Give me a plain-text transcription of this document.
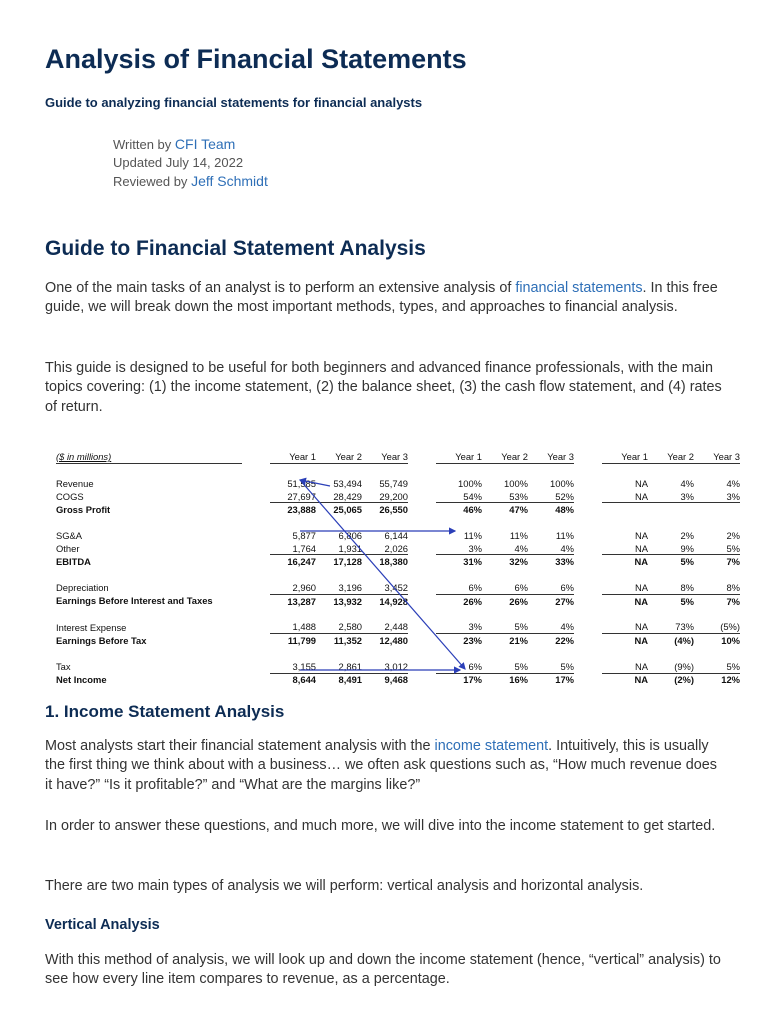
Analysis of Financial Statements
Guide to analyzing financial statements for financial analysts
Written by CFI Team
Updated July 14, 2022
Reviewed by Jeff Schmidt
Guide to Financial Statement Analysis
One of the main tasks of an analyst is to perform an extensive analysis of financial statements. In this free guide, we will break down the most important methods, types, and approaches to financial analysis.
This guide is designed to be useful for both beginners and advanced finance professionals, with the main topics covering: (1) the income statement, (2) the balance sheet, (3) the cash flow statement, and (4) rates of return.
($ in millions)		Year 1	Year 2	Year 3		Year 1	Year 2	Year 3		Year 1	Year 2	Year 3

Revenue		51,585	53,494	55,749		100%	100%	100%		NA	4%	4%
COGS		27,697	28,429	29,200		54%	53%	52%		NA	3%	3%
Gross Profit		23,888	25,065	26,550		46%	47%	48%				

SG&A		5,877	6,806	6,144		11%	11%	11%		NA	2%	2%
Other		1,764	1,931	2,026		3%	4%	4%		NA	9%	5%
EBITDA		16,247	17,128	18,380		31%	32%	33%		NA	5%	7%

Depreciation		2,960	3,196	3,452		6%	6%	6%		NA	8%	8%
Earnings Before Interest and Taxes		13,287	13,932	14,928		26%	26%	27%		NA	5%	7%

Interest Expense		1,488	2,580	2,448		3%	5%	4%		NA	73%	(5%)
Earnings Before Tax		11,799	11,352	12,480		23%	21%	22%		NA	(4%)	10%

Tax		3,155	2,861	3,012		6%	5%	5%		NA	(9%)	5%
Net Income		8,644	8,491	9,468		17%	16%	17%		NA	(2%)	12%
1. Income Statement Analysis
Most analysts start their financial statement analysis with the income statement. Intuitively, this is usually the first thing we think about with a business… we often ask questions such as, “How much revenue does it have?” “Is it profitable?” and “What are the margins like?”
In order to answer these questions, and much more, we will dive into the income statement to get started.
There are two main types of analysis we will perform: vertical analysis and horizontal analysis.
Vertical Analysis
With this method of analysis, we will look up and down the income statement (hence, “vertical” analysis) to see how every line item compares to revenue, as a percentage.
